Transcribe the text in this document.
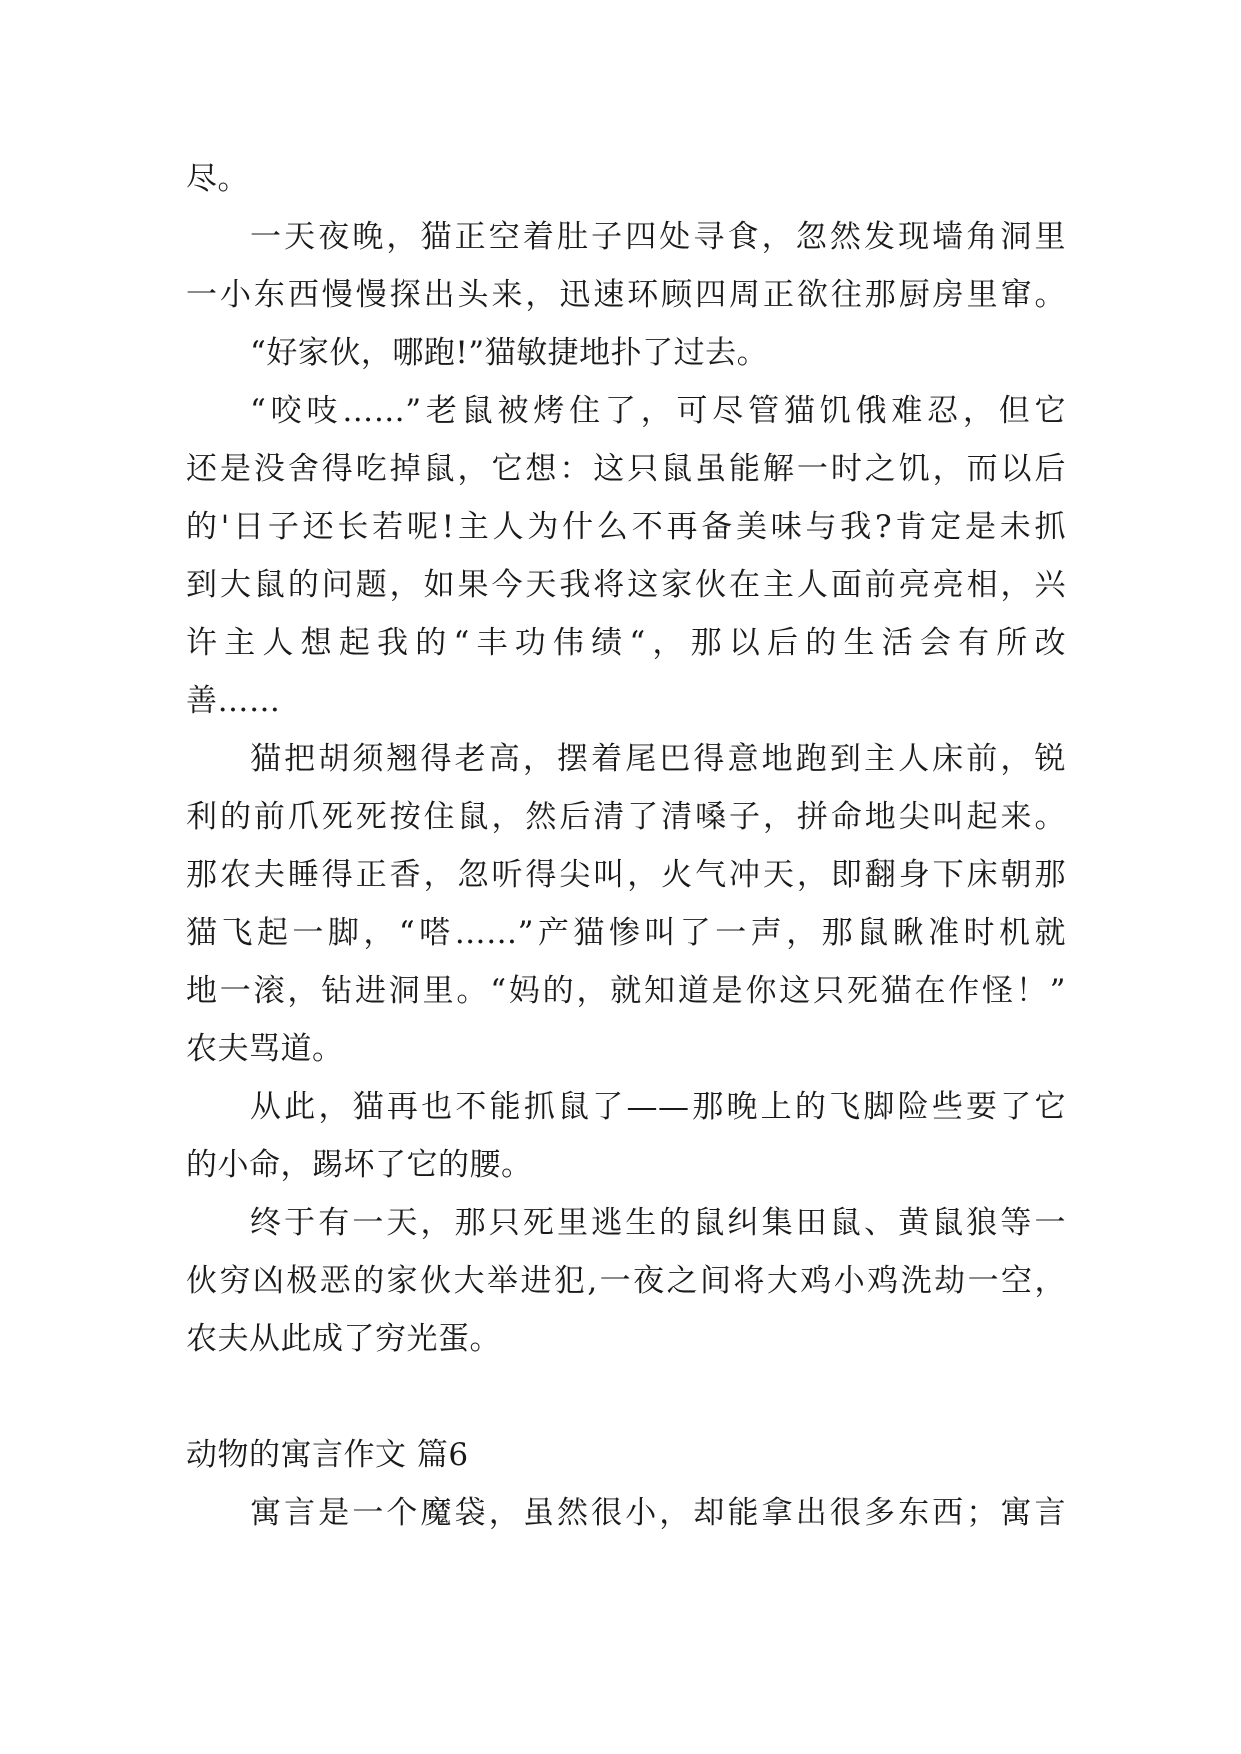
尽。
一天夜晚，猫正空着肚子四处寻食，忽然发现墙角洞里
一小东西慢慢探出头来，迅速环顾四周正欲往那厨房里窜。
“好家伙，哪跑!”猫敏捷地扑了过去。
“咬吱……”老鼠被烤住了，可尽管猫饥俄难忍，但它
还是没舍得吃掉鼠，它想：这只鼠虽能解一时之饥，而以后
的'日子还长若呢!主人为什么不再备美味与我?肯定是未抓
到大鼠的问题，如果今天我将这家伙在主人面前亮亮相，兴
许主人想起我的“丰功伟绩“，那以后的生活会有所改
善……
猫把胡须翘得老高，摆着尾巴得意地跑到主人床前，锐
利的前爪死死按住鼠，然后清了清嗓子，拼命地尖叫起来。
那农夫睡得正香，忽听得尖叫，火气冲天，即翻身下床朝那
猫飞起一脚，“嗒……”产猫惨叫了一声，那鼠瞅准时机就
地一滚，钻进洞里。“妈的，就知道是你这只死猫在作怪！”
农夫骂道。
从此，猫再也不能抓鼠了——那晚上的飞脚险些要了它
的小命，踢坏了它的腰。
终于有一天，那只死里逃生的鼠纠集田鼠、黄鼠狼等一
伙穷凶极恶的家伙大举进犯,一夜之间将大鸡小鸡洗劫一空，
农夫从此成了穷光蛋。
动物的寓言作文 篇6
寓言是一个魔袋，虽然很小，却能拿出很多东西；寓言
